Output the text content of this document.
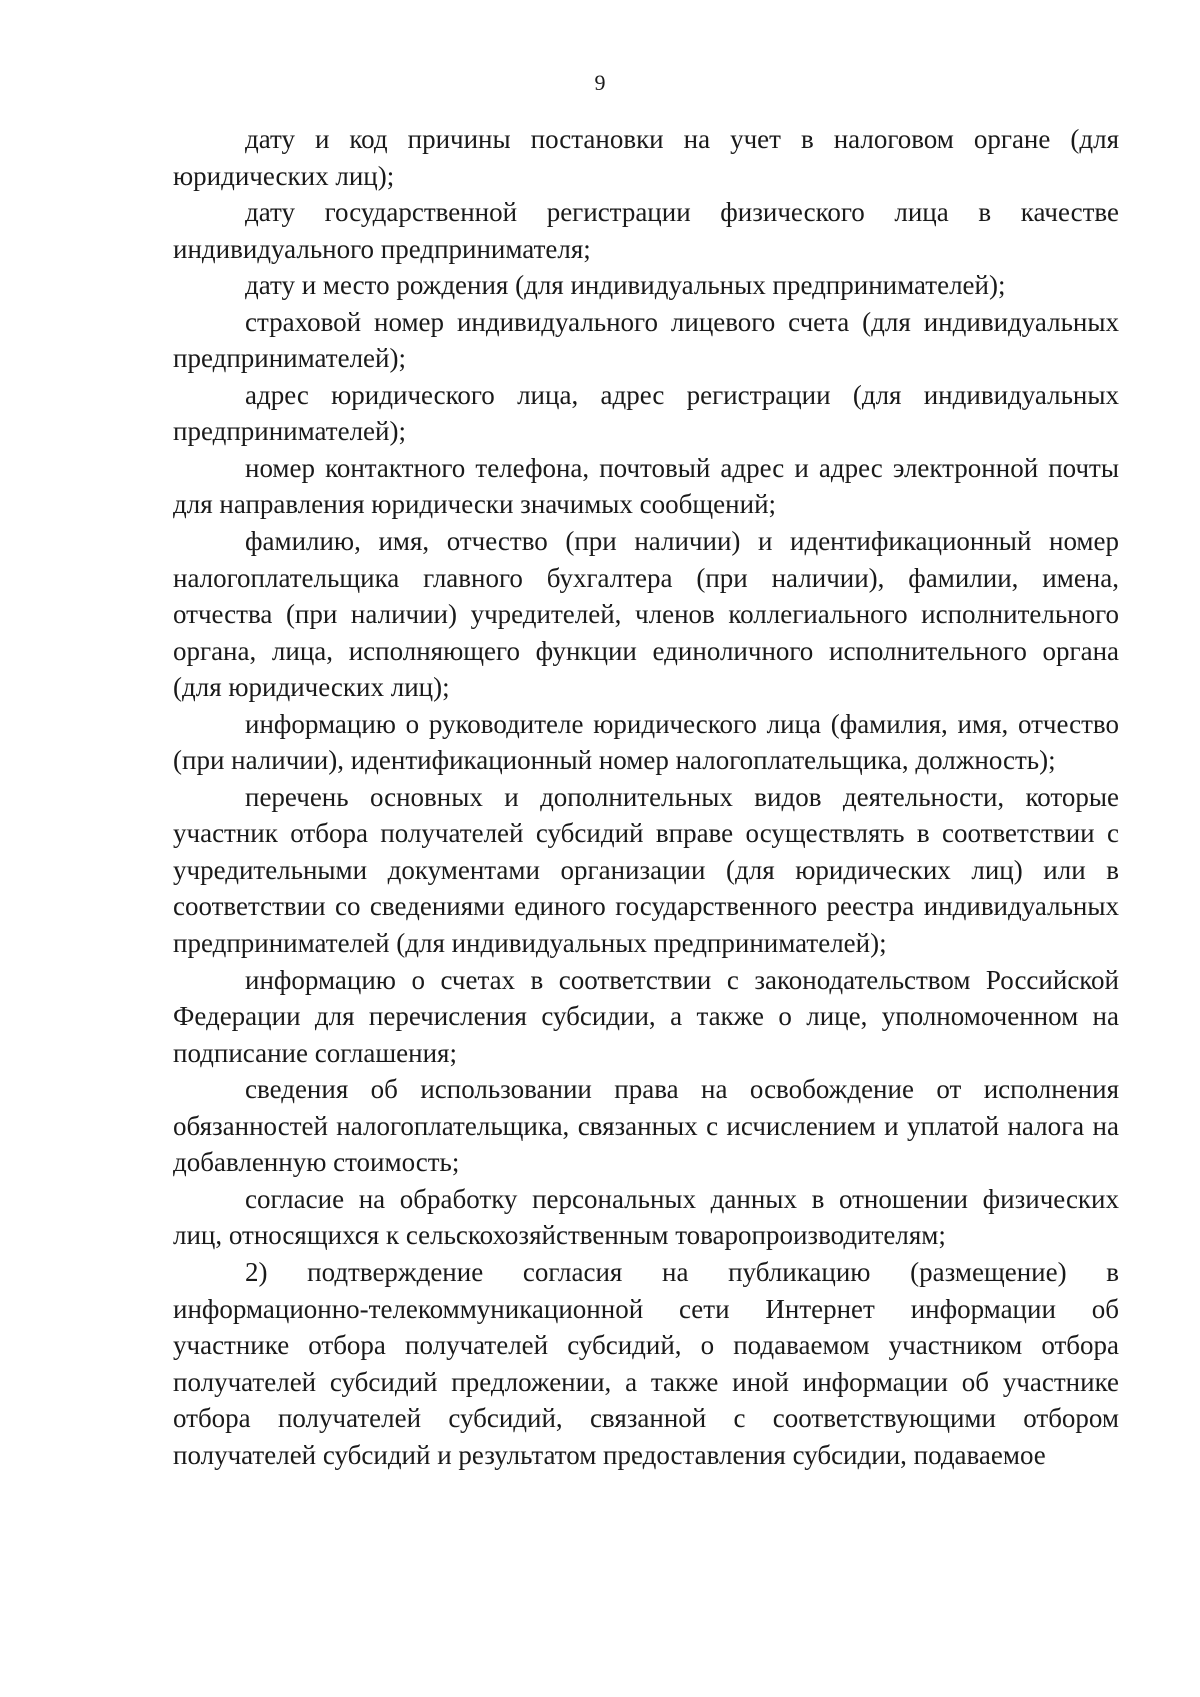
9

дату и код причины постановки на учет в налоговом органе (для юридических лиц);

дату государственной регистрации физического лица в качестве индивидуального предпринимателя;

дату и место рождения (для индивидуальных предпринимателей);

страховой номер индивидуального лицевого счета (для индивидуальных предпринимателей);

адрес юридического лица, адрес регистрации (для индивидуальных предпринимателей);

номер контактного телефона, почтовый адрес и адрес электронной почты для направления юридически значимых сообщений;

фамилию, имя, отчество (при наличии) и идентификационный номер налогоплательщика главного бухгалтера (при наличии), фамилии, имена, отчества (при наличии) учредителей, членов коллегиального исполнительного органа, лица, исполняющего функции единоличного исполнительного органа (для юридических лиц);

информацию о руководителе юридического лица (фамилия, имя, отчество (при наличии), идентификационный номер налогоплательщика, должность);

перечень основных и дополнительных видов деятельности, которые участник отбора получателей субсидий вправе осуществлять в соответствии с учредительными документами организации (для юридических лиц) или в соответствии со сведениями единого государственного реестра индивидуальных предпринимателей (для индивидуальных предпринимателей);

информацию о счетах в соответствии с законодательством Российской Федерации для перечисления субсидии, а также о лице, уполномоченном на подписание соглашения;

сведения об использовании права на освобождение от исполнения обязанностей налогоплательщика, связанных с исчислением и уплатой налога на добавленную стоимость;

согласие на обработку персональных данных в отношении физических лиц, относящихся к сельскохозяйственным товаропроизводителям;

2) подтверждение согласия на публикацию (размещение) в информационно-телекоммуникационной сети Интернет информации об участнике отбора получателей субсидий, о подаваемом участником отбора получателей субсидий предложении, а также иной информации об участнике отбора получателей субсидий, связанной с соответствующими отбором получателей субсидий и результатом предоставления субсидии, подаваемое
